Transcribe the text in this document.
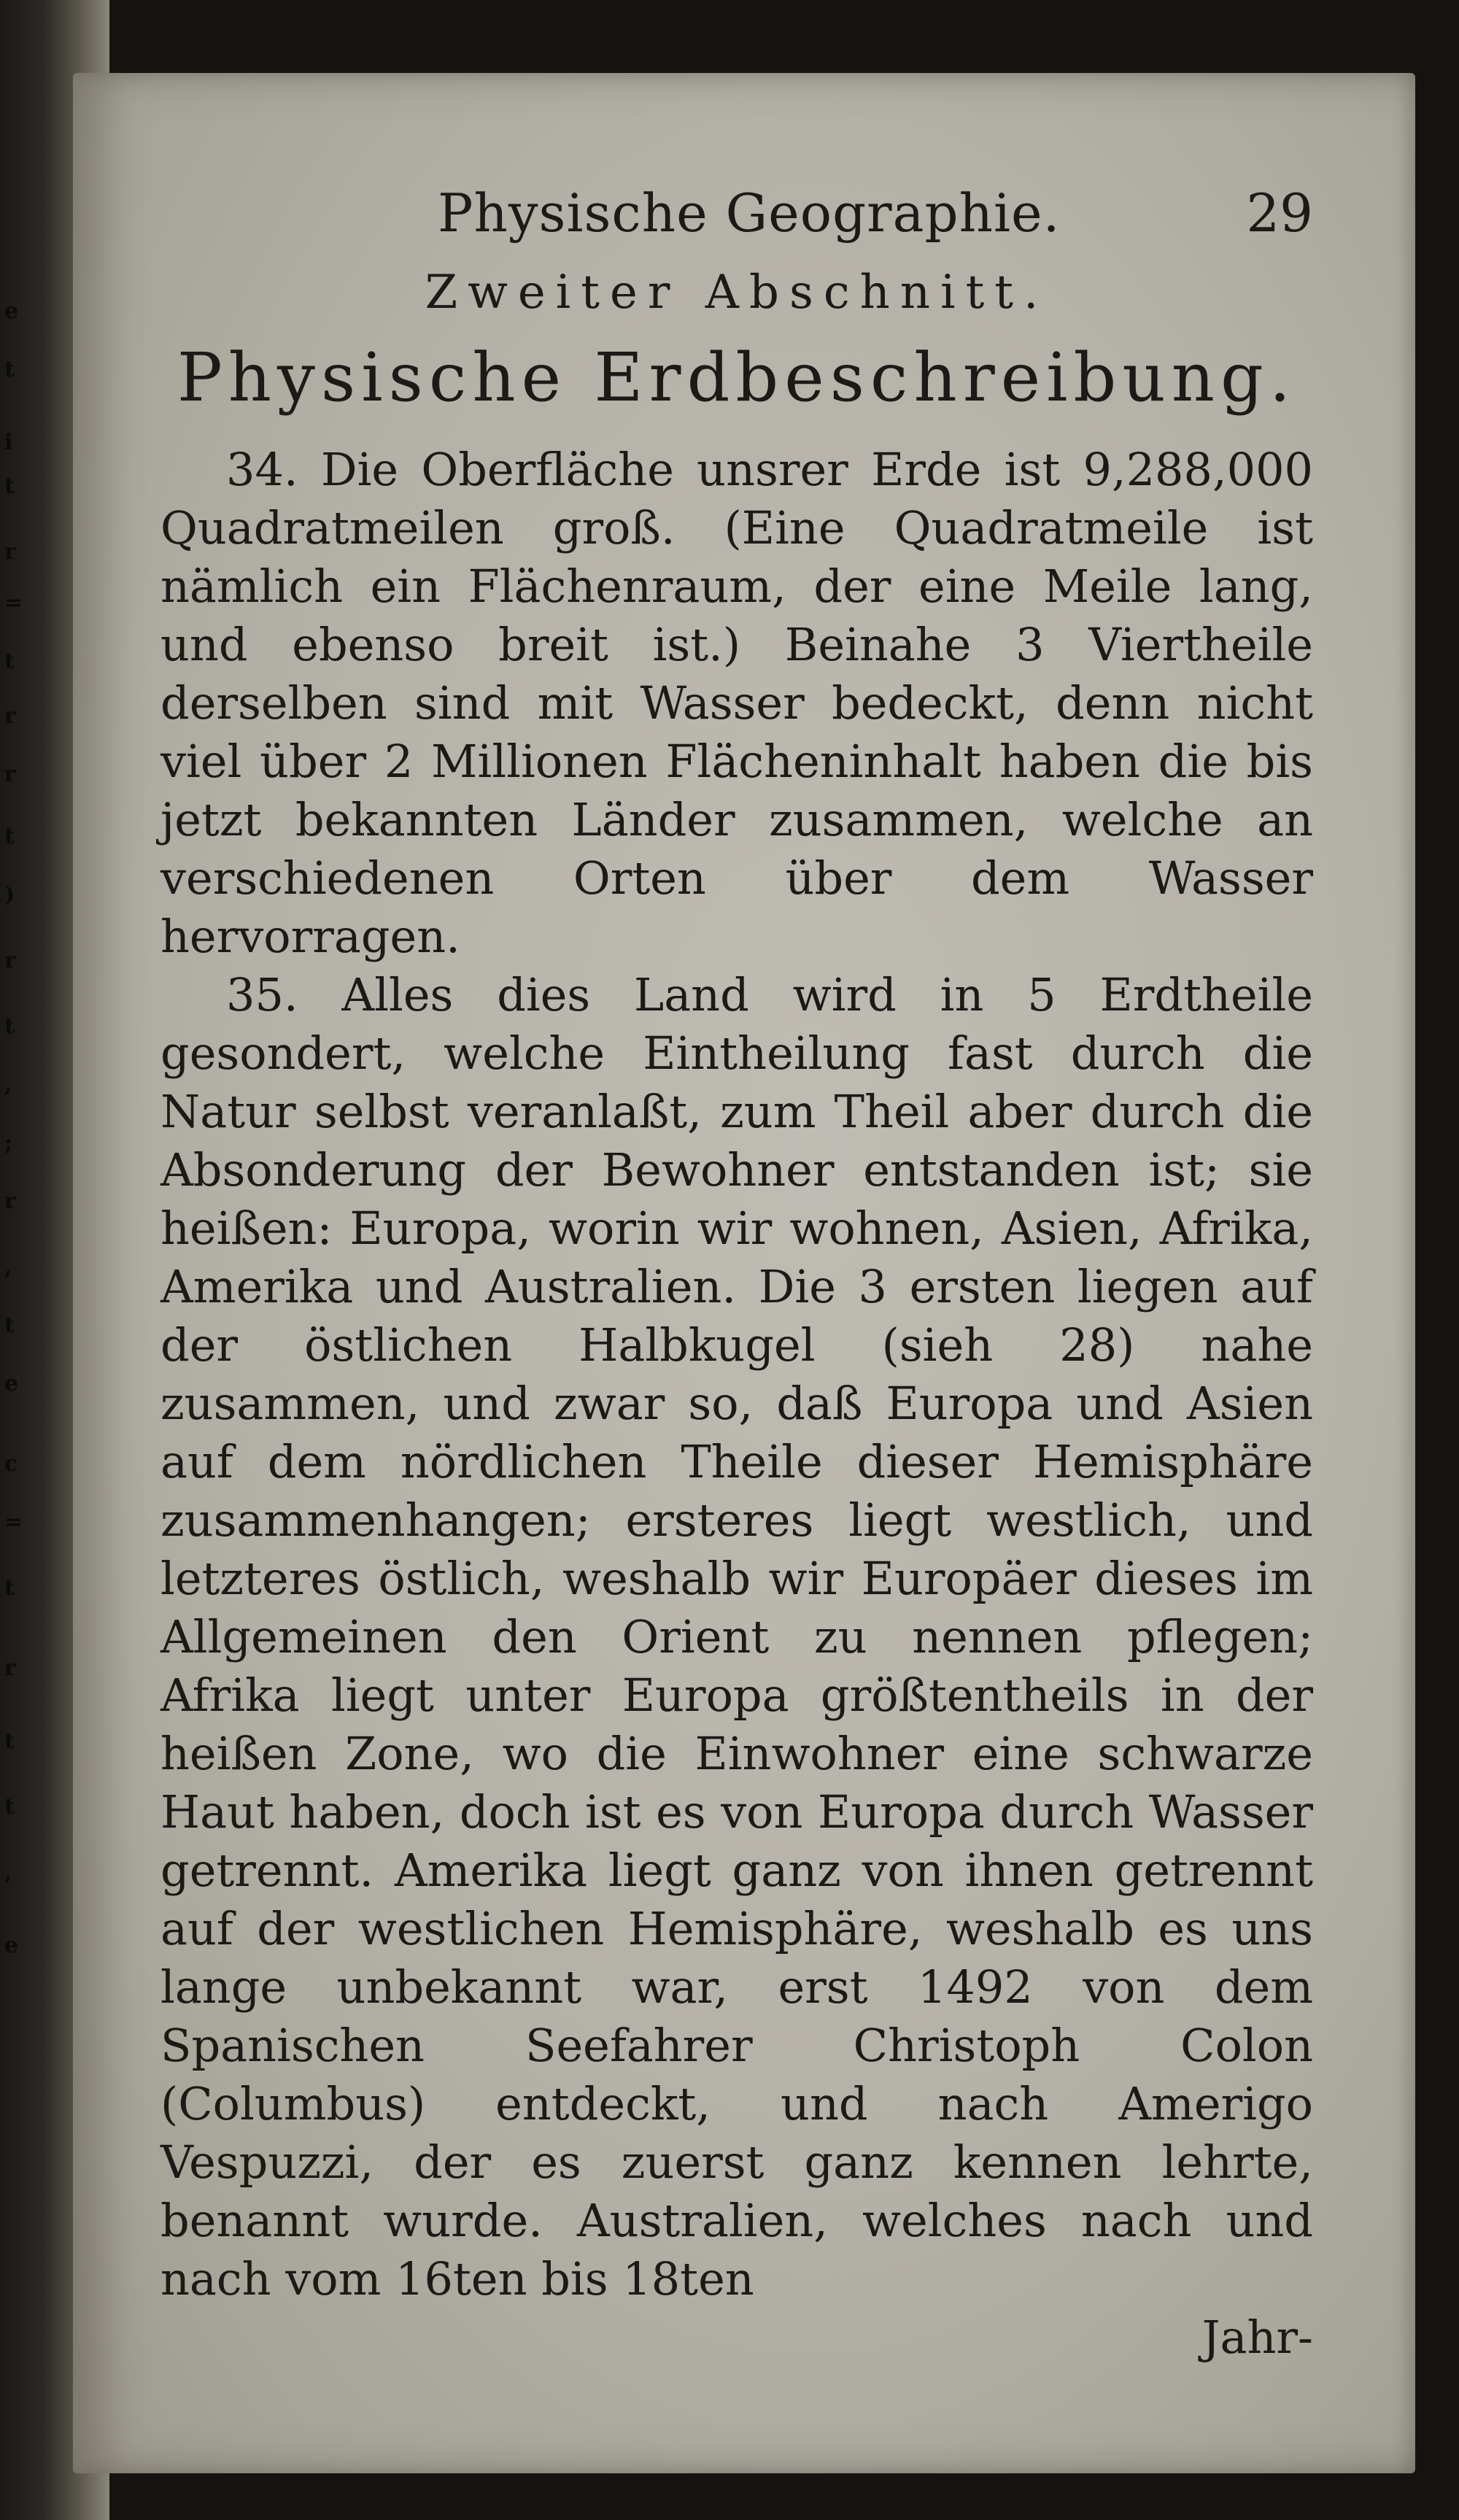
e
t
i
t
r
=
t
r
r
t
)
r
t
,
;
r
,
t
e
c
=
t
r
t
t
,
e
Physische Geographie.	29
Zweiter Abschnitt.
Physische Erdbeschreibung.

34. Die Oberfläche unsrer Erde ist 9,288,000 Quadratmeilen groß. (Eine Quadratmeile ist nämlich ein Flächenraum, der eine Meile lang, und ebenso breit ist.) Beinahe 3 Viertheile derselben sind mit Wasser bedeckt, denn nicht viel über 2 Millionen Flächeninhalt haben die bis jetzt bekannten Länder zusammen, welche an verschiedenen Orten über dem Wasser hervorragen.

35. Alles dies Land wird in 5 Erdtheile gesondert, welche Eintheilung fast durch die Natur selbst veranlaßt, zum Theil aber durch die Absonderung der Bewohner entstanden ist; sie heißen: Europa, worin wir wohnen, Asien, Afrika, Amerika und Australien. Die 3 ersten liegen auf der östlichen Halbkugel (sieh 28) nahe zusammen, und zwar so, daß Europa und Asien auf dem nördlichen Theile dieser Hemisphäre zusammenhangen; ersteres liegt westlich, und letzteres östlich, weshalb wir Europäer dieses im Allgemeinen den Orient zu nennen pflegen; Afrika liegt unter Europa größtentheils in der heißen Zone, wo die Einwohner eine schwarze Haut haben, doch ist es von Europa durch Wasser getrennt. Amerika liegt ganz von ihnen getrennt auf der westlichen Hemisphäre, weshalb es uns lange unbekannt war, erst 1492 von dem Spanischen Seefahrer Christoph Colon (Columbus) entdeckt, und nach Amerigo Vespuzzi, der es zuerst ganz kennen lehrte, benannt wurde. Australien, welches nach und nach vom 16ten bis 18ten

Jahr-
